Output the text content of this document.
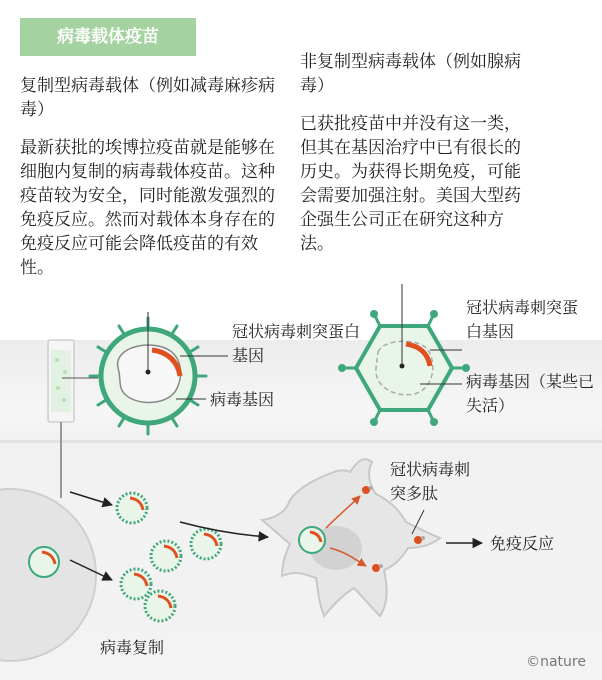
病毒载体疫苗
复制型病毒载体（例如减毒麻疹病毒）
最新获批的埃博拉疫苗就是能够在细胞内复制的病毒载体疫苗。这种疫苗较为安全，同时能激发强烈的免疫反应。然而对载体本身存在的免疫反应可能会降低疫苗的有效性。
非复制型病毒载体（例如腺病毒）
已获批疫苗中并没有这一类，但其在基因治疗中已有很长的历史。为获得长期免疫，可能会需要加强注射。美国大型药企强生公司正在研究这种方法。
冠状病毒刺突蛋白基因
病毒基因
冠状病毒刺突蛋白基因
病毒基因（某些已失活）
冠状病毒刺突多肽
免疫反应
病毒复制
©nature
